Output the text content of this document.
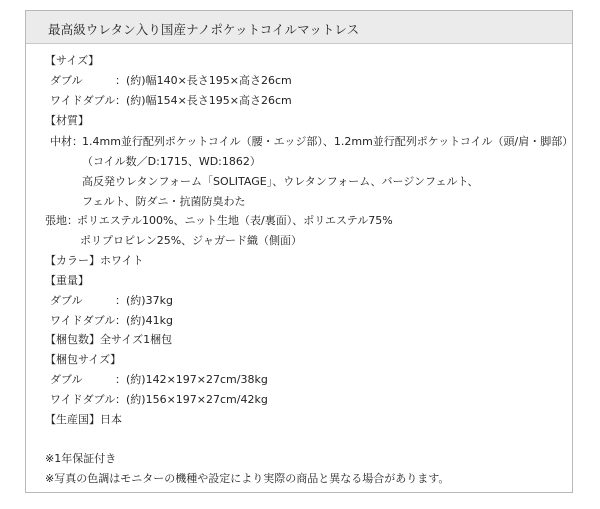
最高級ウレタン入り国産ナノポケットコイルマットレス
【サイズ】
ダブル	：(約)幅140×長さ195×高さ26cm
ワイドダブル ：(約)幅154×長さ195×高さ26cm
【材質】
中材： 1.4mm並行配列ポケットコイル（腰・エッジ部）、1.2mm並行配列ポケットコイル（頭/肩・脚部）
（コイル数／D:1715、WD:1862）
高反発ウレタンフォーム「SOLITAGE」、ウレタンフォーム、バージンフェルト、
フェルト、防ダニ・抗菌防臭わた
張地： ポリエステル100%、ニット生地（表/裏面）、ポリエステル75%
ポリプロピレン25%、ジャガード織（側面）
【カラー】ホワイト
【重量】
ダブル	：(約)37kg
ワイドダブル ：(約)41kg
【梱包数】全サイズ1梱包
【梱包サイズ】
ダブル	：(約)142×197×27cm/38kg
ワイドダブル ：(約)156×197×27cm/42kg
【生産国】日本
※1年保証付き
※写真の色調はモニターの機種や設定により実際の商品と異なる場合があります。
